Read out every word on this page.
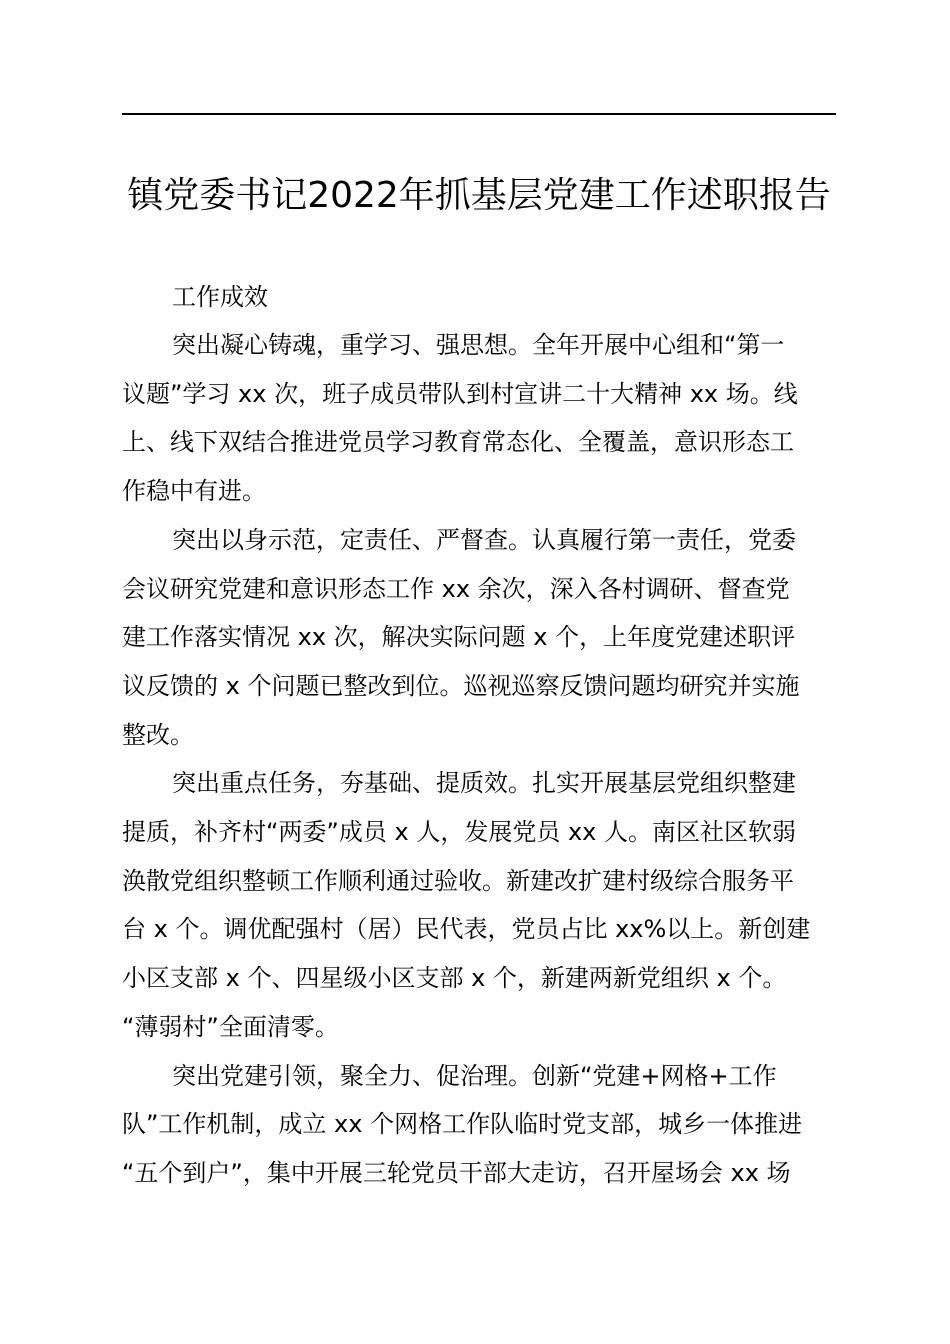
镇党委书记2022年抓基层党建工作述职报告

工作成效

突出凝心铸魂，重学习、强思想。全年开展中心组和“第一
议题”学习 xx 次，班子成员带队到村宣讲二十大精神 xx 场。线
上、线下双结合推进党员学习教育常态化、全覆盖，意识形态工
作稳中有进。

突出以身示范，定责任、严督查。认真履行第一责任，党委
会议研究党建和意识形态工作 xx 余次，深入各村调研、督查党
建工作落实情况 xx 次，解决实际问题 x 个，上年度党建述职评
议反馈的 x 个问题已整改到位。巡视巡察反馈问题均研究并实施
整改。

突出重点任务，夯基础、提质效。扎实开展基层党组织整建
提质，补齐村“两委”成员 x 人，发展党员 xx 人。南区社区软弱
涣散党组织整顿工作顺利通过验收。新建改扩建村级综合服务平
台 x 个。调优配强村（居）民代表，党员占比 xx%以上。新创建
小区支部 x 个、四星级小区支部 x 个，新建两新党组织 x 个。
“薄弱村”全面清零。

突出党建引领，聚全力、促治理。创新“党建+网格+工作
队”工作机制，成立 xx 个网格工作队临时党支部，城乡一体推进
“五个到户”，集中开展三轮党员干部大走访，召开屋场会 xx 场
